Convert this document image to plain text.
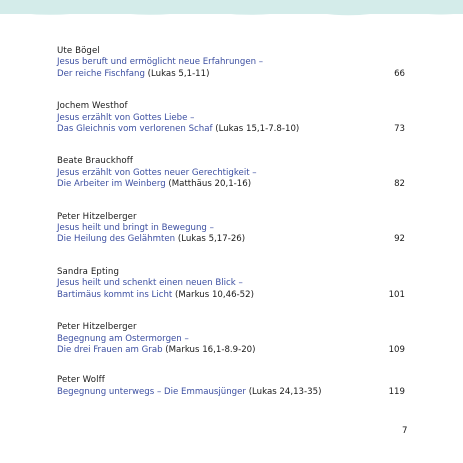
Ute Bögel
Jesus beruft und ermöglicht neue Erfahrungen –
Der reiche Fischfang (Lukas 5,1-11)	66
Jochem Westhof
Jesus erzählt von Gottes Liebe –
Das Gleichnis vom verlorenen Schaf (Lukas 15,1-7.8-10)	73
Beate Brauckhoff
Jesus erzählt von Gottes neuer Gerechtigkeit –
Die Arbeiter im Weinberg (Matthäus 20,1-16)	82
Peter Hitzelberger
Jesus heilt und bringt in Bewegung –
Die Heilung des Gelähmten (Lukas 5,17-26)	92
Sandra Epting
Jesus heilt und schenkt einen neuen Blick –
Bartimäus kommt ins Licht (Markus 10,46-52)	101
Peter Hitzelberger
Begegnung am Ostermorgen –
Die drei Frauen am Grab (Markus 16,1-8.9-20)	109
Peter Wolff
Begegnung unterwegs – Die Emmausjünger (Lukas 24,13-35)	119
7
